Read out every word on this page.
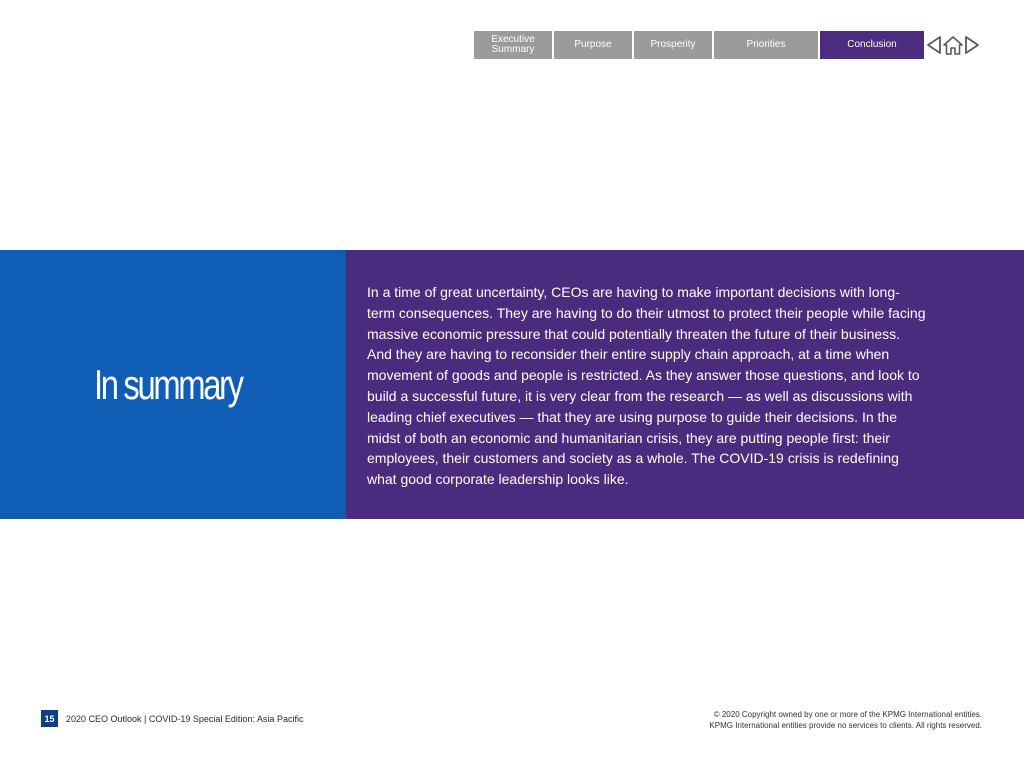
Executive
Summary	Purpose	Prosperity	Priorities	Conclusion
In summary
In a time of great uncertainty, CEOs are having to make important decisions with long-term consequences. They are having to do their utmost to protect their people while facing massive economic pressure that could potentially threaten the future of their business. And they are having to reconsider their entire supply chain approach, at a time when movement of goods and people is restricted. As they answer those questions, and look to build a successful future, it is very clear from the research — as well as discussions with leading chief executives — that they are using purpose to guide their decisions. In the midst of both an economic and humanitarian crisis, they are putting people first: their employees, their customers and society as a whole. The COVID-19 crisis is redefining what good corporate leadership looks like.
15	2020 CEO Outlook | COVID-19 Special Edition: Asia Pacific	© 2020 Copyright owned by one or more of the KPMG International entities.
KPMG International entities provide no services to clients. All rights reserved.
